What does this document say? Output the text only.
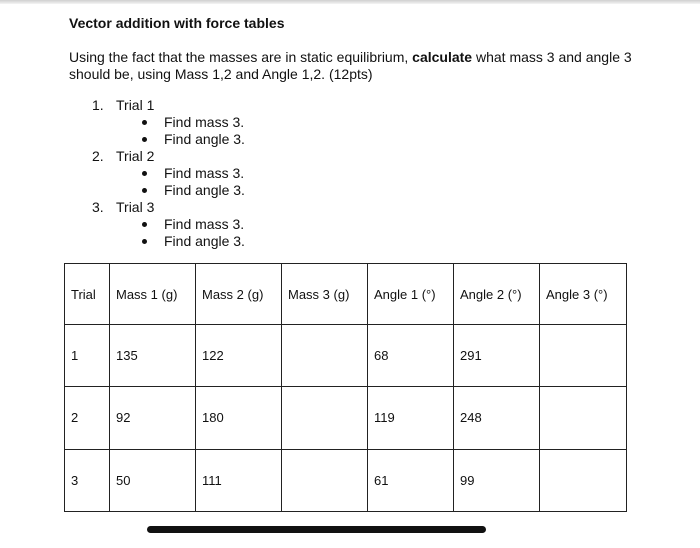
Vector addition with force tables

Using the fact that the masses are in static equilibrium, calculate what mass 3 and angle 3 should be, using Mass 1,2 and Angle 1,2. (12pts)

1. Trial 1
Find mass 3.
Find angle 3.
2. Trial 2
Find mass 3.
Find angle 3.
3. Trial 3
Find mass 3.
Find angle 3.
Trial	Mass 1 (g)	Mass 2 (g)	Mass 3 (g)	Angle 1 (°)	Angle 2 (°)	Angle 3 (°)
1	135	122		68	291	
2	92	180		119	248	
3	50	111		61	99	
